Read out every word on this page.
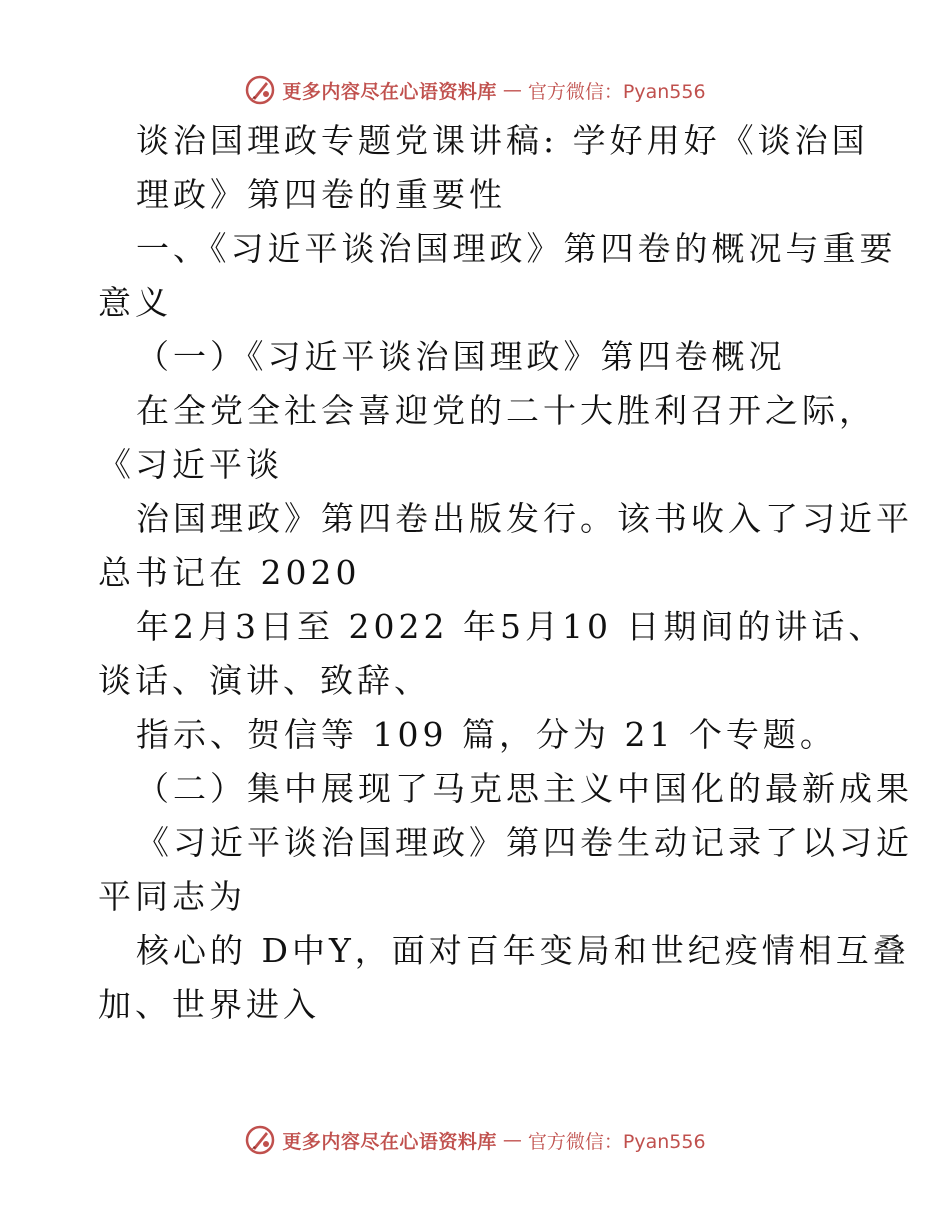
更多内容尽在心语资料库 — 官方微信：Pyan556
谈治国理政专题党课讲稿: 学好用好《谈治国
理政》第四卷的重要性
一、《习近平谈治国理政》第四卷的概况与重要
意义
（一）《习近平谈治国理政》第四卷概况
在全党全社会喜迎党的二十大胜利召开之际，
《习近平谈
治国理政》第四卷出版发行。该书收入了习近平
总书记在 2020
年2月3日至 2022 年5月10 日期间的讲话、
谈话、演讲、致辞、
指示、贺信等 109 篇，分为 21 个专题。
（二）集中展现了马克思主义中国化的最新成果
《习近平谈治国理政》第四卷生动记录了以习近
平同志为
核心的 D中Y，面对百年变局和世纪疫情相互叠
加、世界进入
更多内容尽在心语资料库 — 官方微信：Pyan556
